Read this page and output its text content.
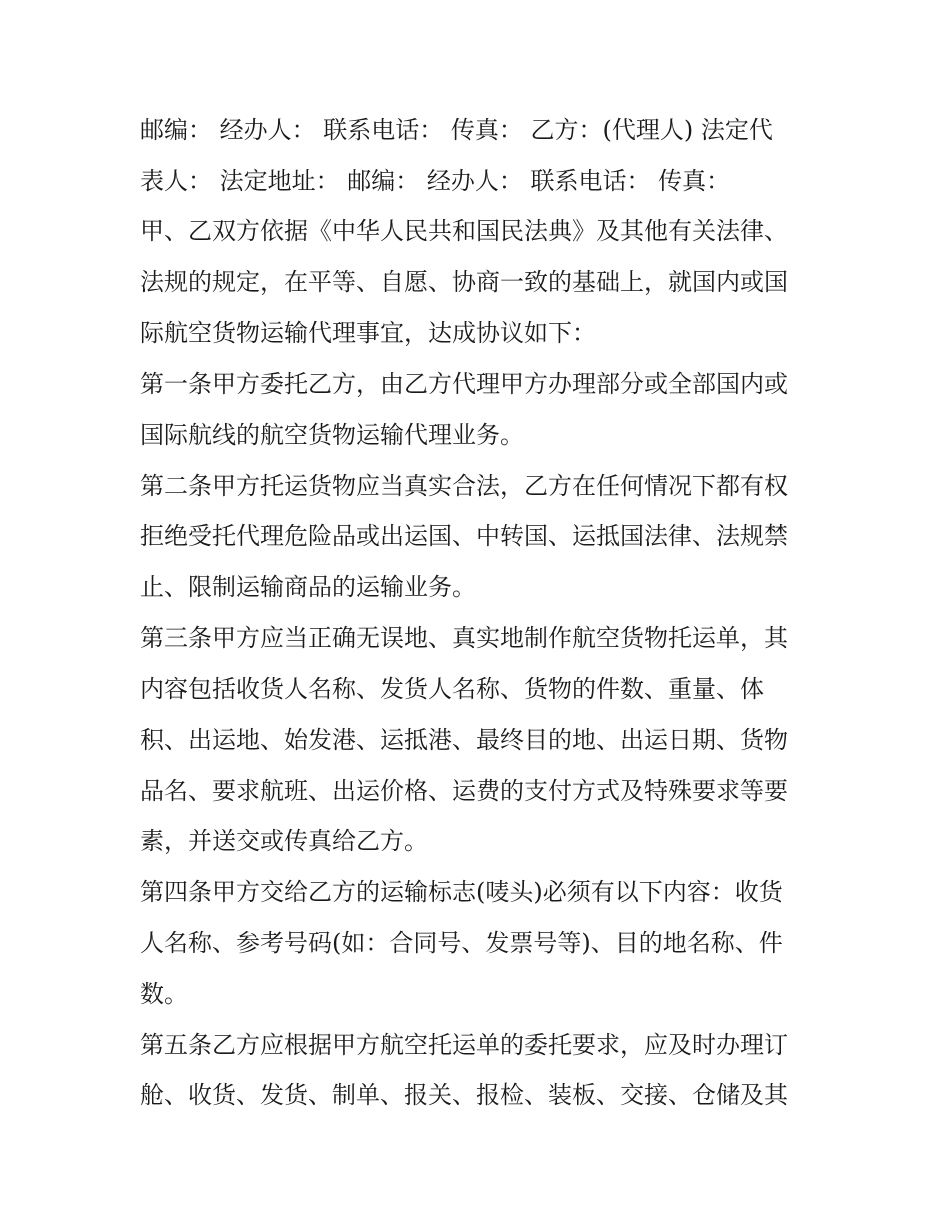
邮编： 经办人： 联系电话： 传真： 乙方：(代理人) 法定代
表人： 法定地址： 邮编： 经办人： 联系电话： 传真：
甲、乙双方依据《中华人民共和国民法典》及其他有关法律、
法规的规定，在平等、自愿、协商一致的基础上，就国内或国
际航空货物运输代理事宜，达成协议如下：
第一条甲方委托乙方，由乙方代理甲方办理部分或全部国内或
国际航线的航空货物运输代理业务。
第二条甲方托运货物应当真实合法，乙方在任何情况下都有权
拒绝受托代理危险品或出运国、中转国、运抵国法律、法规禁
止、限制运输商品的运输业务。
第三条甲方应当正确无误地、真实地制作航空货物托运单，其
内容包括收货人名称、发货人名称、货物的件数、重量、体
积、出运地、始发港、运抵港、最终目的地、出运日期、货物
品名、要求航班、出运价格、运费的支付方式及特殊要求等要
素，并送交或传真给乙方。
第四条甲方交给乙方的运输标志(唛头)必须有以下内容：收货
人名称、参考号码(如：合同号、发票号等)、目的地名称、件
数。
第五条乙方应根据甲方航空托运单的委托要求，应及时办理订
舱、收货、发货、制单、报关、报检、装板、交接、仓储及其
